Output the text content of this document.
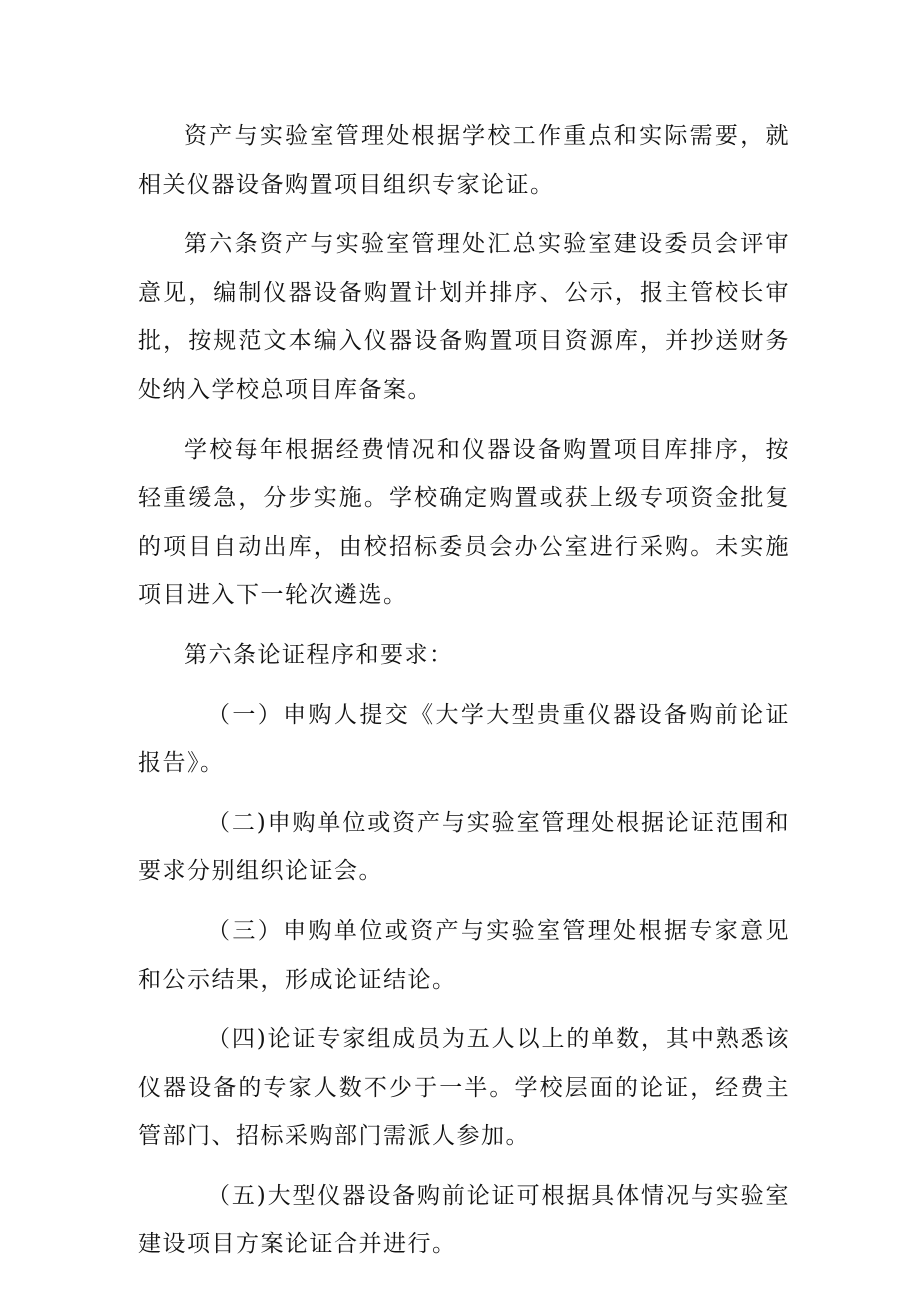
资产与实验室管理处根据学校工作重点和实际需要，就相关仪器设备购置项目组织专家论证。

第六条资产与实验室管理处汇总实验室建设委员会评审意见，编制仪器设备购置计划并排序、公示，报主管校长审批，按规范文本编入仪器设备购置项目资源库，并抄送财务处纳入学校总项目库备案。

学校每年根据经费情况和仪器设备购置项目库排序，按轻重缓急，分步实施。学校确定购置或获上级专项资金批复的项目自动出库，由校招标委员会办公室进行采购。未实施项目进入下一轮次遴选。

第六条论证程序和要求：

（一）申购人提交《大学大型贵重仪器设备购前论证报告》。

（二)申购单位或资产与实验室管理处根据论证范围和要求分别组织论证会。

（三）申购单位或资产与实验室管理处根据专家意见和公示结果，形成论证结论。

（四)论证专家组成员为五人以上的单数，其中熟悉该仪器设备的专家人数不少于一半。学校层面的论证，经费主管部门、招标采购部门需派人参加。

（五)大型仪器设备购前论证可根据具体情况与实验室建设项目方案论证合并进行。
